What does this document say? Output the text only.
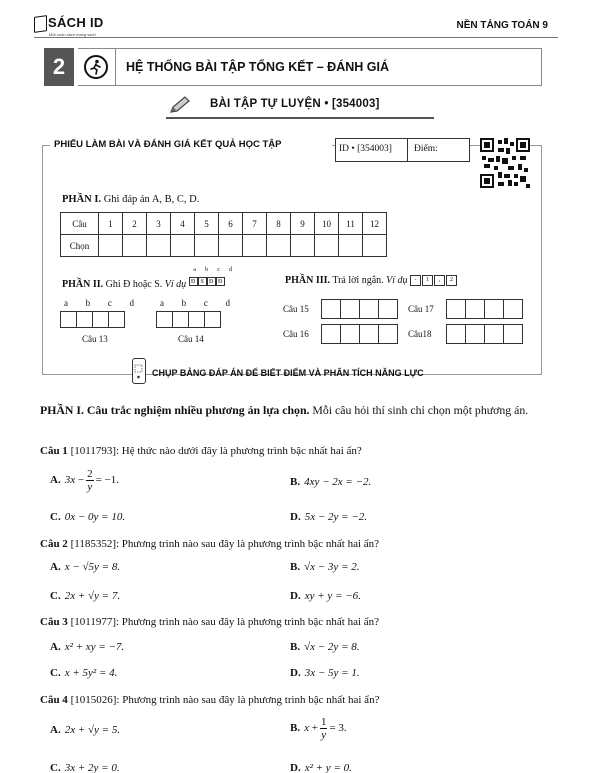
SÁCH ID
Một cuốn sách mang sách
NỀN TẢNG TOÁN 9
2	HỆ THỐNG BÀI TẬP TỔNG KẾT – ĐÁNH GIÁ
BÀI TẬP TỰ LUYỆN • [354003]
PHIẾU LÀM BÀI VÀ ĐÁNH GIÁ KẾT QUẢ HỌC TẬP	ID • [354003]	Điểm:
PHẦN I. Ghi đáp án A, B, C, D.
Câu	1	2	3	4	5	6	7	8	9	10	11	12
Chọn												
PHẦN II. Ghi Đ hoặc S. Ví dụ
a b c d
Đ S Đ Đ	PHẦN III. Trả lời ngắn. Ví dụ	-	1	,	2
a b c d
Câu 13
a b c d
Câu 14
Câu 15	Câu 17
Câu 16	Câu18
CHỤP BẢNG ĐÁP ÁN ĐỂ BIẾT ĐIỂM VÀ PHÂN TÍCH NĂNG LỰC
PHẦN I. Câu trắc nghiệm nhiều phương án lựa chọn. Mỗi câu hỏi thí sinh chỉ chọn một phương án.
Câu 1 [1011793]: Hệ thức nào dưới đây là phương trình bậc nhất hai ẩn?
A. $3x - \frac{2}{y} = -1$.	B. 4xy − 2x = −2.
C. 0x − 0y = 10.	D. 5x − 2y = −2.
Câu 2 [1185352]: Phương trình nào sau đây là phương trình bậc nhất hai ẩn?
A. x − √5y = 8.	B. √x − 3y = 2.
C. 2x + √y = 7.	D. xy + y = −6.
Câu 3 [1011977]: Phương trình nào sau đây là phương trình bậc nhất hai ẩn?
A. x² + xy = −7.	B. √x − 2y = 8.
C. x + 5y² = 4.	D. 3x − 5y = 1.
Câu 4 [1015026]: Phương trình nào sau đây là phương trình bậc nhất hai ẩn?
A. 2x + √y = 5.	B. $x + \frac{1}{y} = 3$.
C. 3x + 2y = 0.	D. x² + y = 0.
